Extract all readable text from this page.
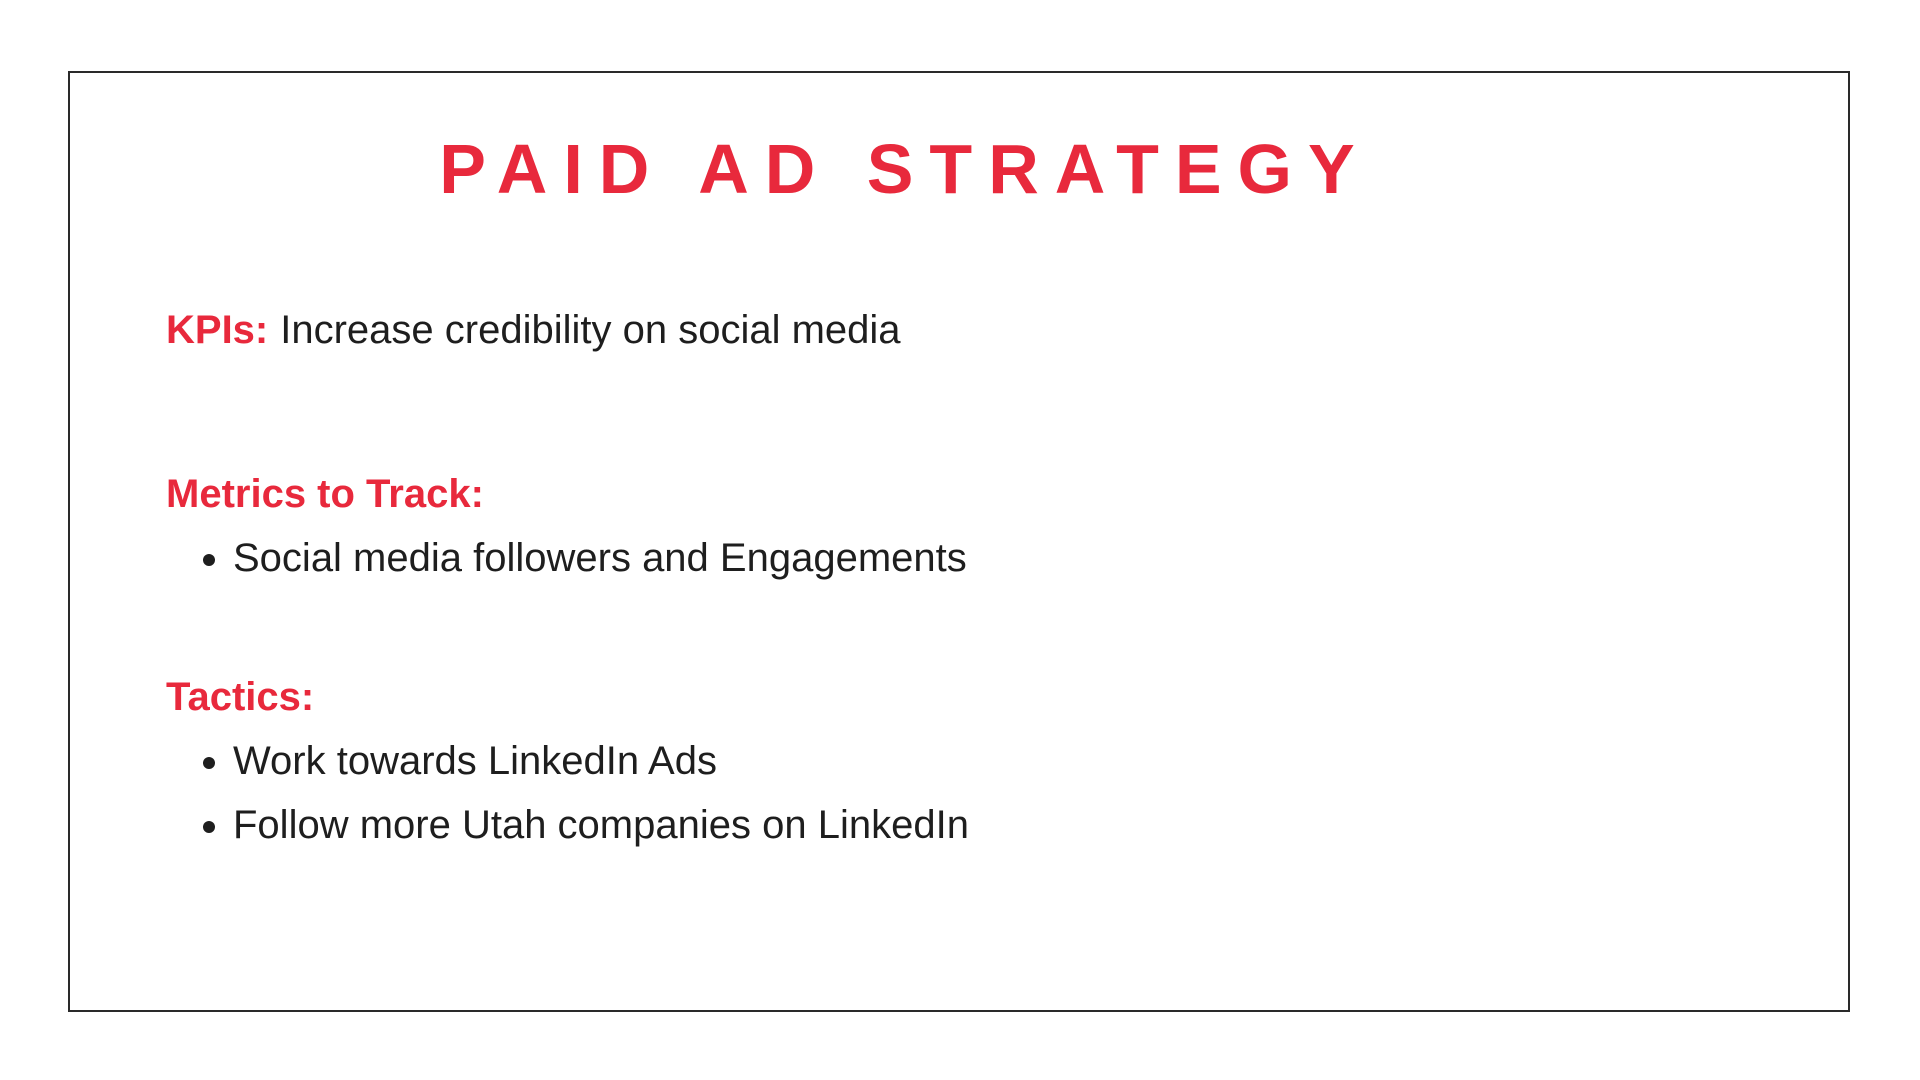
PAID AD STRATEGY

KPIs: Increase credibility on social media

Metrics to Track:

• Social media followers and Engagements

Tactics:

• Work towards LinkedIn Ads
• Follow more Utah companies on LinkedIn
